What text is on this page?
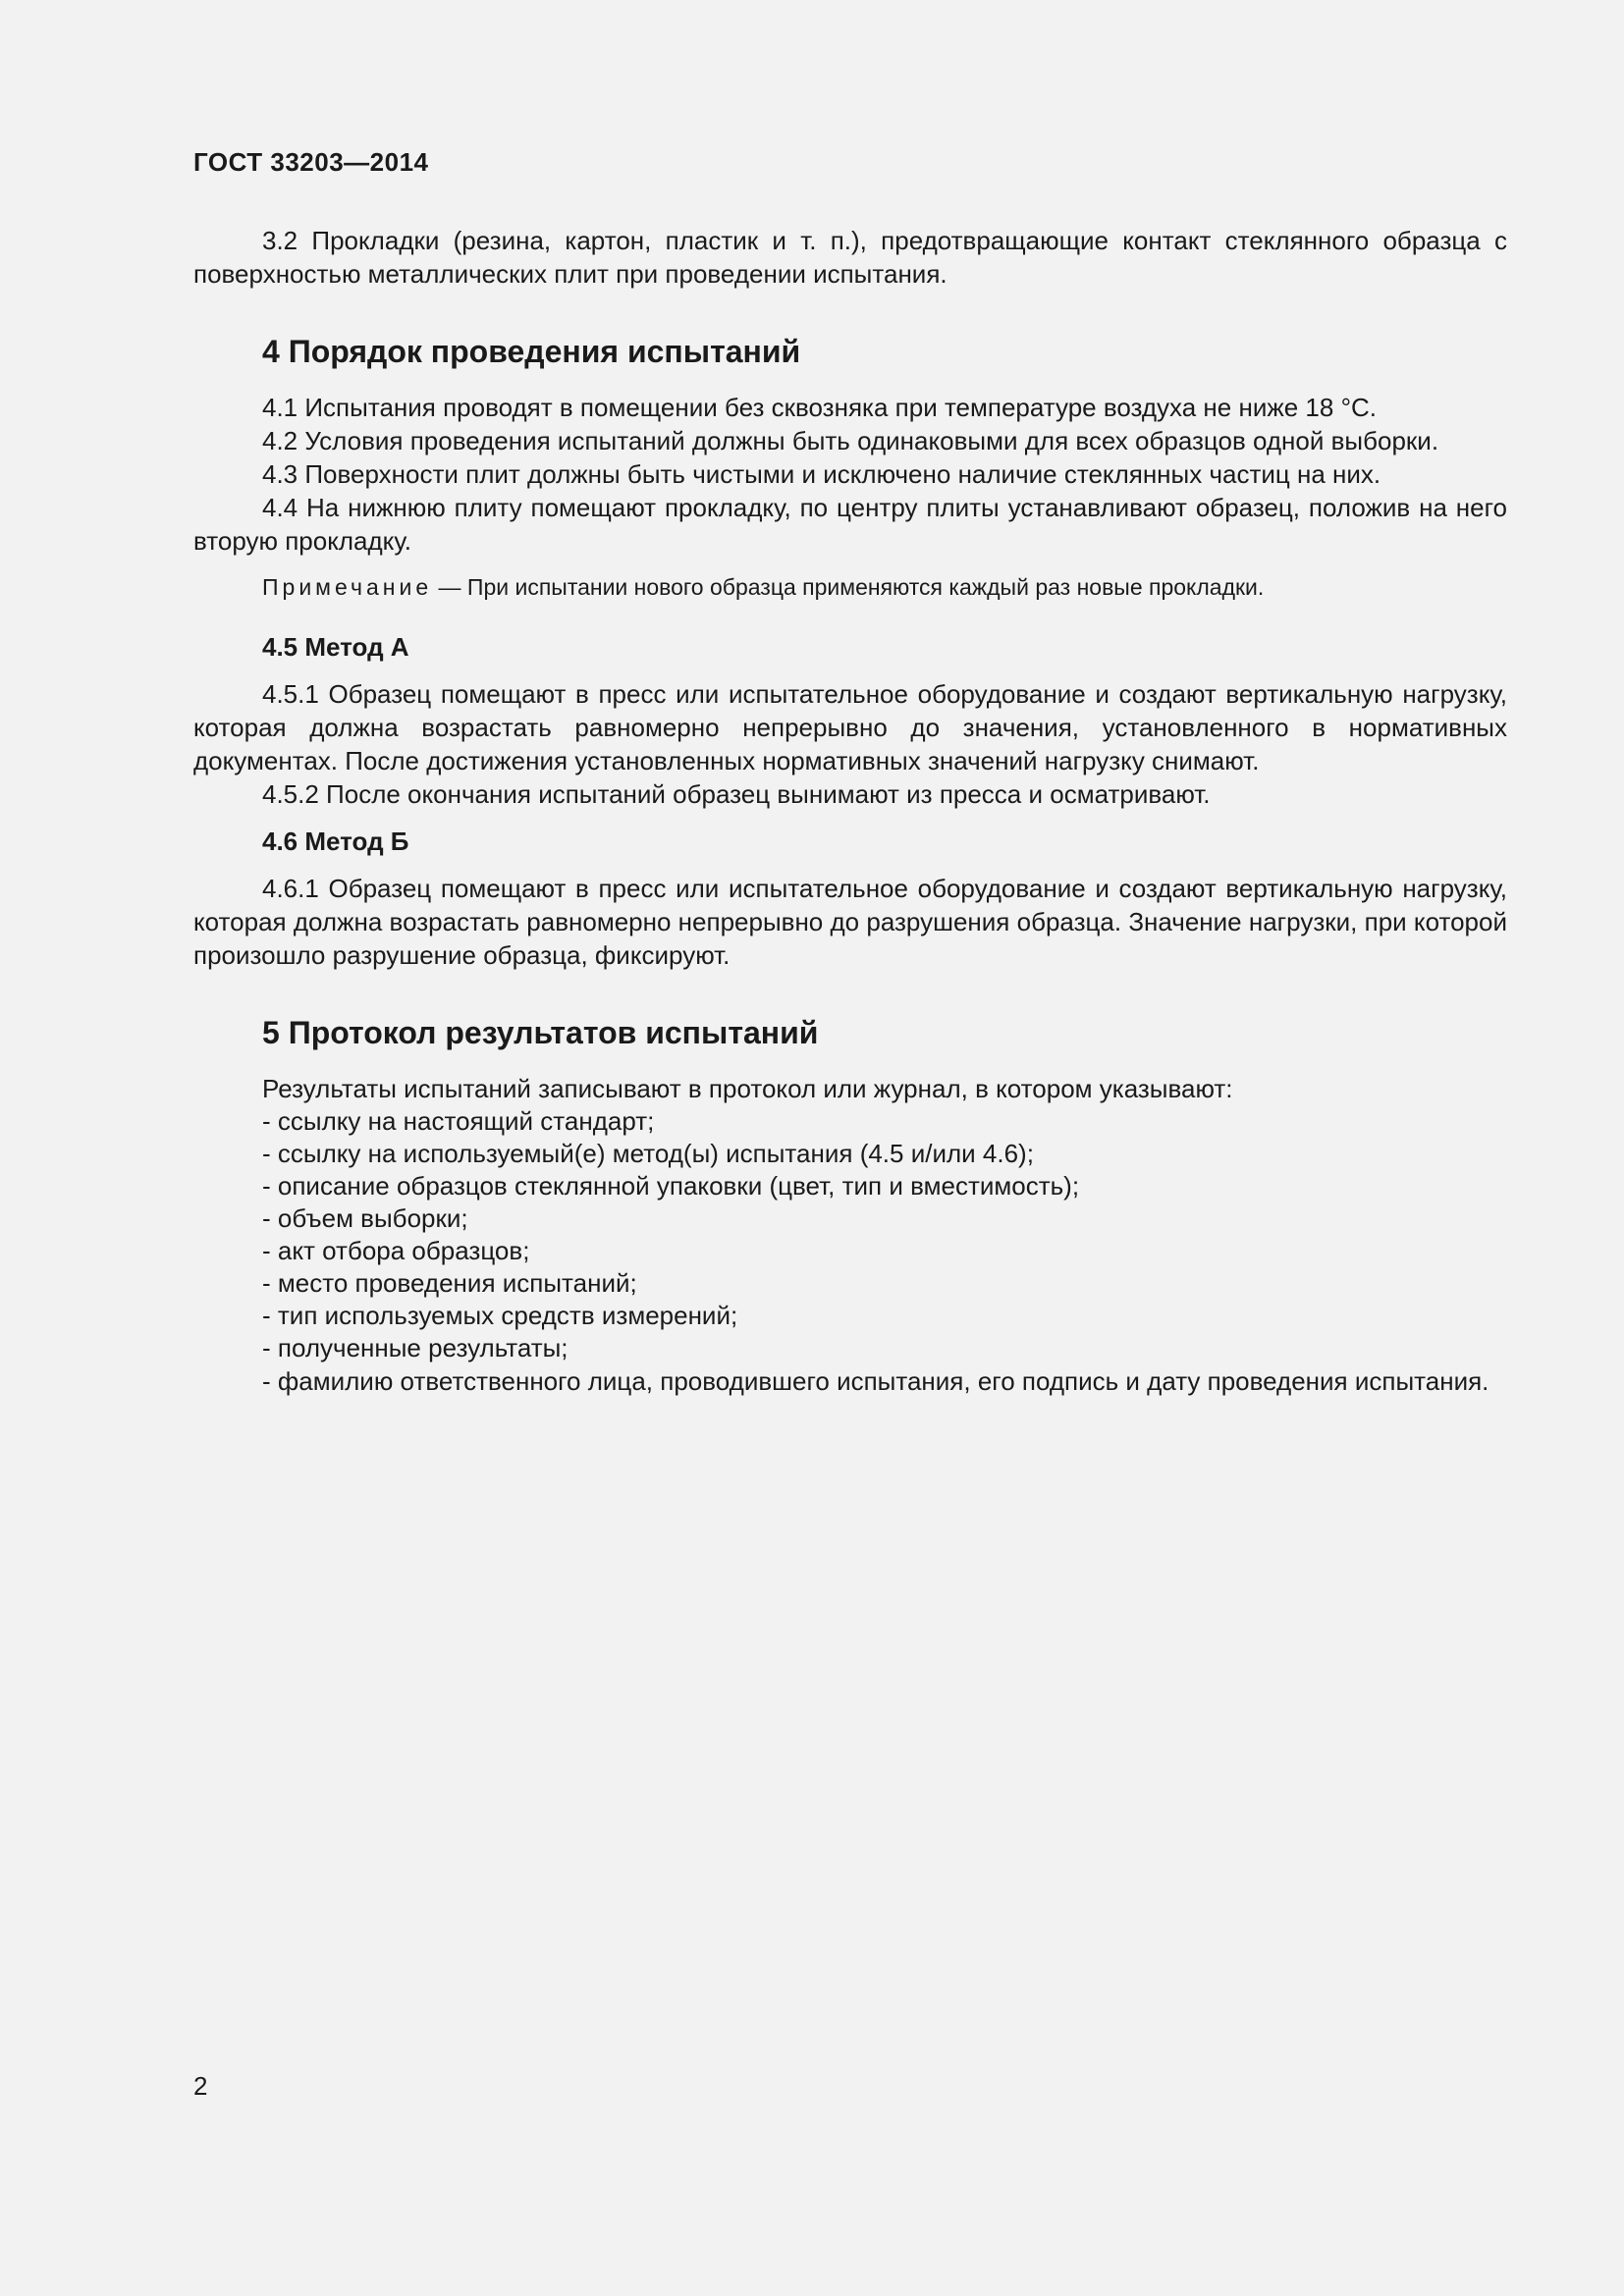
ГОСТ 33203—2014

3.2 Прокладки (резина, картон, пластик и т. п.), предотвращающие контакт стеклянного образца с поверхностью металлических плит при проведении испытания.

4 Порядок проведения испытаний

4.1 Испытания проводят в помещении без сквозняка при температуре воздуха не ниже 18 °C.

4.2 Условия проведения испытаний должны быть одинаковыми для всех образцов одной выборки.

4.3 Поверхности плит должны быть чистыми и исключено наличие стеклянных частиц на них.

4.4 На нижнюю плиту помещают прокладку, по центру плиты устанавливают образец, положив на него вторую прокладку.

Примечание — При испытании нового образца применяются каждый раз новые прокладки.

4.5 Метод А

4.5.1 Образец помещают в пресс или испытательное оборудование и создают вертикальную нагрузку, которая должна возрастать равномерно непрерывно до значения, установленного в нормативных документах. После достижения установленных нормативных значений нагрузку снимают.

4.5.2 После окончания испытаний образец вынимают из пресса и осматривают.

4.6 Метод Б

4.6.1 Образец помещают в пресс или испытательное оборудование и создают вертикальную нагрузку, которая должна возрастать равномерно непрерывно до разрушения образца. Значение нагрузки, при которой произошло разрушение образца, фиксируют.

5 Протокол результатов испытаний

Результаты испытаний записывают в протокол или журнал, в котором указывают:

- ссылку на настоящий стандарт;

- ссылку на используемый(е) метод(ы) испытания (4.5 и/или 4.6);

- описание образцов стеклянной упаковки (цвет, тип и вместимость);

- объем выборки;

- акт отбора образцов;

- место проведения испытаний;

- тип используемых средств измерений;

- полученные результаты;

- фамилию ответственного лица, проводившего испытания, его подпись и дату проведения испытания.

2
